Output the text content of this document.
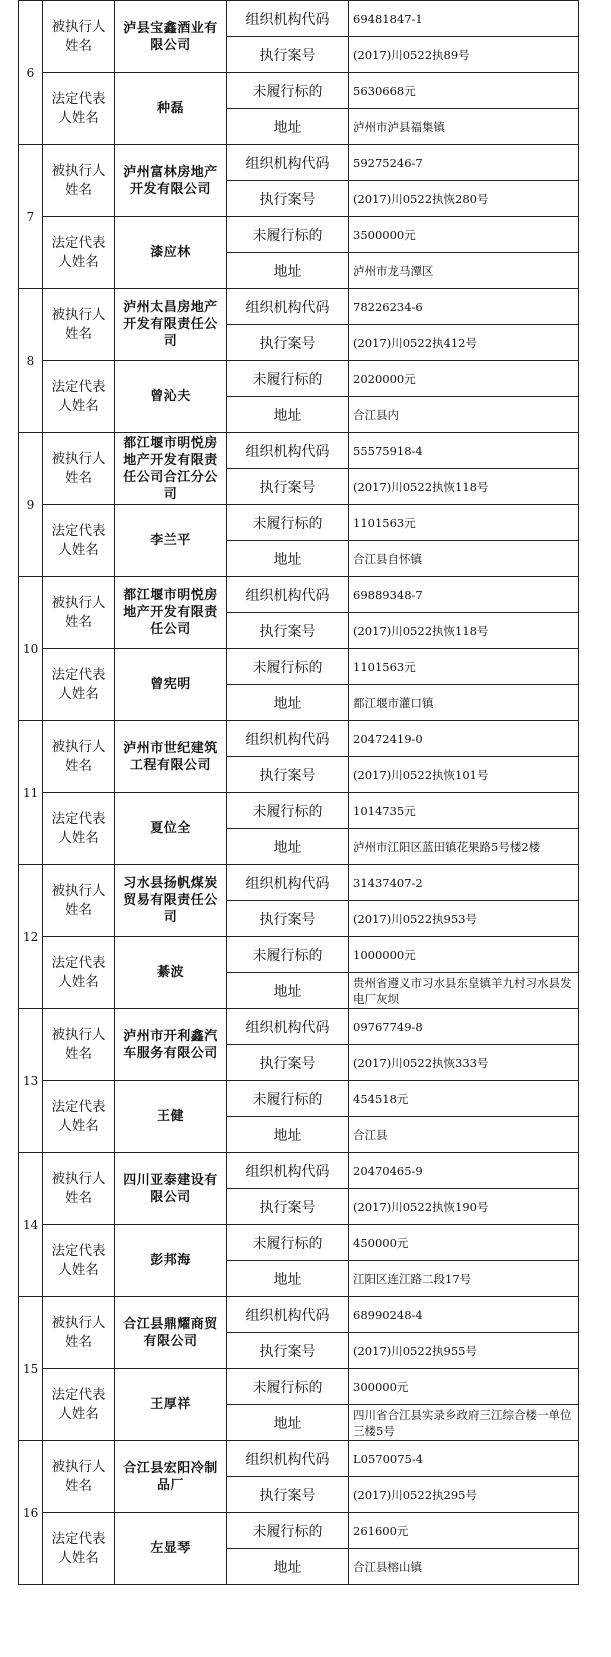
6	被执行人姓名	泸县宝鑫酒业有限公司	组织机构代码	69481847-1
			执行案号	(2017)川0522执89号
	法定代表人姓名	种磊	未履行标的	5630668元
			地址	泸州市泸县福集镇
7	被执行人姓名	泸州富林房地产开发有限公司	组织机构代码	59275246-7
			执行案号	(2017)川0522执恢280号
	法定代表人姓名	漆应林	未履行标的	3500000元
			地址	泸州市龙马潭区
8	被执行人姓名	泸州太昌房地产开发有限责任公司	组织机构代码	78226234-6
			执行案号	(2017)川0522执412号
	法定代表人姓名	曾沁夫	未履行标的	2020000元
			地址	合江县内
9	被执行人姓名	都江堰市明悦房地产开发有限责任公司合江分公司	组织机构代码	55575918-4
			执行案号	(2017)川0522执恢118号
	法定代表人姓名	李兰平	未履行标的	1101563元
			地址	合江县自怀镇
10	被执行人姓名	都江堰市明悦房地产开发有限责任公司	组织机构代码	69889348-7
			执行案号	(2017)川0522执恢118号
	法定代表人姓名	曾宪明	未履行标的	1101563元
			地址	都江堰市灌口镇
11	被执行人姓名	泸州市世纪建筑工程有限公司	组织机构代码	20472419-0
			执行案号	(2017)川0522执恢101号
	法定代表人姓名	夏位全	未履行标的	1014735元
			地址	泸州市江阳区蓝田镇花果路5号楼2楼
12	被执行人姓名	习水县扬帆煤炭贸易有限责任公司	组织机构代码	31437407-2
			执行案号	(2017)川0522执953号
	法定代表人姓名	綦波	未履行标的	1000000元
			地址	贵州省遵义市习水县东皇镇羊九村习水县发电厂灰坝
13	被执行人姓名	泸州市开利鑫汽车服务有限公司	组织机构代码	09767749-8
			执行案号	(2017)川0522执恢333号
	法定代表人姓名	王健	未履行标的	454518元
			地址	合江县
14	被执行人姓名	四川亚泰建设有限公司	组织机构代码	20470465-9
			执行案号	(2017)川0522执恢190号
	法定代表人姓名	彭邦海	未履行标的	450000元
			地址	江阳区连江路二段17号
15	被执行人姓名	合江县鼎耀商贸有限公司	组织机构代码	68990248-4
			执行案号	(2017)川0522执955号
	法定代表人姓名	王厚祥	未履行标的	300000元
			地址	四川省合江县实录乡政府三江综合楼一单位三楼5号
16	被执行人姓名	合江县宏阳冷制品厂	组织机构代码	L0570075-4
			执行案号	(2017)川0522执295号
	法定代表人姓名	左显琴	未履行标的	261600元
			地址	合江县榕山镇
